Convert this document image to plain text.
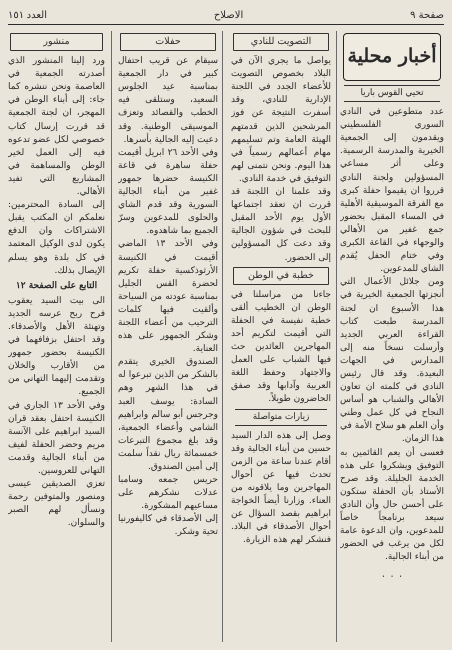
صفحة ٩
الاصلاح
العدد ١٥١
أخبار محلية
تحيي القوس باريا

عدد متطوعين في النادي السوري الفلسطيني ويقدمون إلى الجمعية الخيرية والمدرسة الرسمية. وعلى أثر مساعي المسؤولين ولجنة النادي قرروا ان يقيموا حفلة كبرى مع الفرقة الموسيقية الأهلية في المساء المقبل بحضور جمع غفير من الأهالي والوجهاء في القاعة الكبرى وفي ختام الحفل يُقدم الشاي للمدعوين.

ومن جلائل الأعمال التي أنجزتها الجمعية الخيرية في هذا الأسبوع ان لجنة المدرسة طبعت كتاب القراءة العربي الجديد وأرسلت نسخاً منه إلى المدارس في الجهات البعيدة. وقد قال رئيس النادي في كلمته ان تعاون الأهالي والشباب هو أساس النجاح في كل عمل وطني وأن العلم هو سلاح الأمة في هذا الزمان.

فعسى أن يعم القائمين به التوفيق ويشكروا على هذه الخدمة الجليلة. وقد صرح الأستاذ بأن الحفلة ستكون على أحسن حال وأن النادي سيعد برنامجاً خاصاً للمدعوين، وان الدعوة عامة لكل من يرغب في الحضور من أبناء الجالية.

٠ ٠ ٠
التصويت للنادي

يواصل ما يجري الآن في البلاد بخصوص التصويت للأعضاء الجدد في اللجنة الإدارية للنادي، وقد أسفرت النتيجة عن فوز المرشحين الذين قدمتهم الهيئة العامة وتم تسليمهم مهام أعمالهم رسمياً في هذا اليوم. ونحن نتمنى لهم التوفيق في خدمة النادي.

وقد علمنا ان اللجنة قد قررت ان تعقد اجتماعها الأول يوم الأحد المقبل للبحث في شؤون الجالية وقد دعت كل المسؤولين إلى الحضور.

خطبة في الوطن

جاءنا من مراسلنا في الوطن ان الخطيب ألقى خطبة نفيسة في الحفلة التي أقيمت لتكريم أحد المهاجرين العائدين حث فيها الشباب على العمل والاجتهاد وحفظ اللغة العربية وآدابها وقد صفق الحاضرون طويلاً.

زيارات متواصلة

وصل إلى هذه الدار السيد حسين من أبناء الجالية وقد أقام عندنا ساعة من الزمن تحدث فيها عن أحوال المهاجرين وما يلاقونه من العناء. وزارنا أيضاً الخواجة ابراهيم بقصد السؤال عن أحوال الأصدقاء في البلاد. فنشكر لهم هذه الزيارة.

حفلات

سيقام عن قريب احتفال كبير في دار الجمعية بمناسبة عيد الجلوس السعيد، وستلقى فيه الخطب والقصائد وتعزف الموسيقى الوطنية. وقد دعيت إليه الجالية بأسرها.

وفي الأحد ٢٦ ابريل أقيمت حفلة ساهرة في قاعة الكنيسة حضرها جمهور غفير من أبناء الجالية السورية وقد قدم الشاي والحلوى للمدعوين وسرّ الجميع بما شاهدوه.

وفي الأحد ١٣ الماضي أقيمت في الكنيسة الأرثوذكسية حفلة تكريم لحضرة القس الجليل بمناسبة عودته من السياحة وألقيت فيها كلمات الترحيب من أعضاء اللجنة وشكر الجمهور على هذه العناية.

الصندوق الخيري يتقدم بالشكر من الذين تبرعوا له في هذا الشهر وهم السادة: يوسف العبد وجرجس أبو سالم وابراهيم الشامي وأعضاء الجمعية، وقد بلغ مجموع التبرعات خمسمائة ريال نقداً سلمت إلى أمين الصندوق.

حريس جمعه وسامبا عدلات نشكرهم على مساعيهم المشكورة.

إلى الأصدقاء في كاليفورنيا تحية وشكر.

منشور

ورد إلينا المنشور الذي أصدرته الجمعية في العاصمة ونحن ننشره كما جاء: إلى أبناء الوطن في المهجر، ان لجنة الجمعية قد قررت إرسال كتاب خصوصي لكل عضو تدعوه فيه إلى العمل لخير الوطن والمساهمة في المشاريع التي تفيد الأهالي.

إلى السادة المحترمين: نعلمكم ان المكتب يقبل الاشتراكات وان الدفع يكون لدى الوكيل المعتمد في كل بلدة وهو يسلم الإيصال بذلك.

التابع على الصفحة ١٢

الى بيت السيد يعقوب فرح ربح عرسه الجديد وتهنئة الأهل والأصدقاء. وقد احتفل بزفافهما في الكنيسة بحضور جمهور من الأقارب والخلان وتقدمت إليهما التهاني من الجميع.

وفي الأحد ١٣ الجاري في الكنيسة احتفل بعقد قران السيد ابراهيم على الآنسة مريم وحضر الحفلة لفيف من أبناء الجالية وقدمت التهاني للعروسين.

تعزي الصديقين عيسى ومنصور والمتوفين رحمة ونسأل لهم الصبر والسلوان.
